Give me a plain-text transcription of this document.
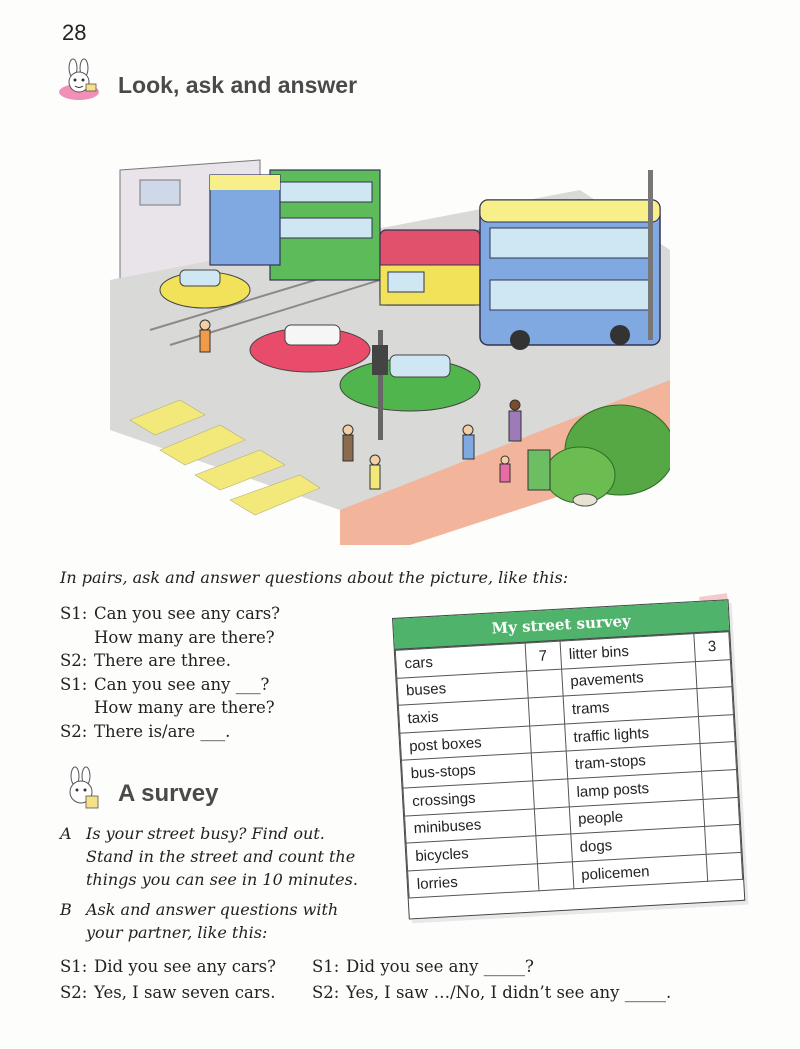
28
Look, ask and answer
In pairs, ask and answer questions about the picture, like this:
S1: Can you see any cars?
How many are there?
S2: There are three.
S1: Can you see any ___?
How many are there?
S2: There is/are ___.
A survey
A Is your street busy? Find out.
Stand in the street and count the
things you can see in 10 minutes.
B Ask and answer questions with
your partner, like this:
My street survey
cars	7	litter bins	3
buses		pavements	
taxis		trams	
post boxes		traffic lights	
bus-stops		tram-stops	
crossings		lamp posts	
minibuses		people	
bicycles		dogs	
lorries		policemen	
S1: Did you see any cars?
S2: Yes, I saw seven cars.
S1: Did you see any _____?
S2: Yes, I saw …/No, I didn’t see any _____.
